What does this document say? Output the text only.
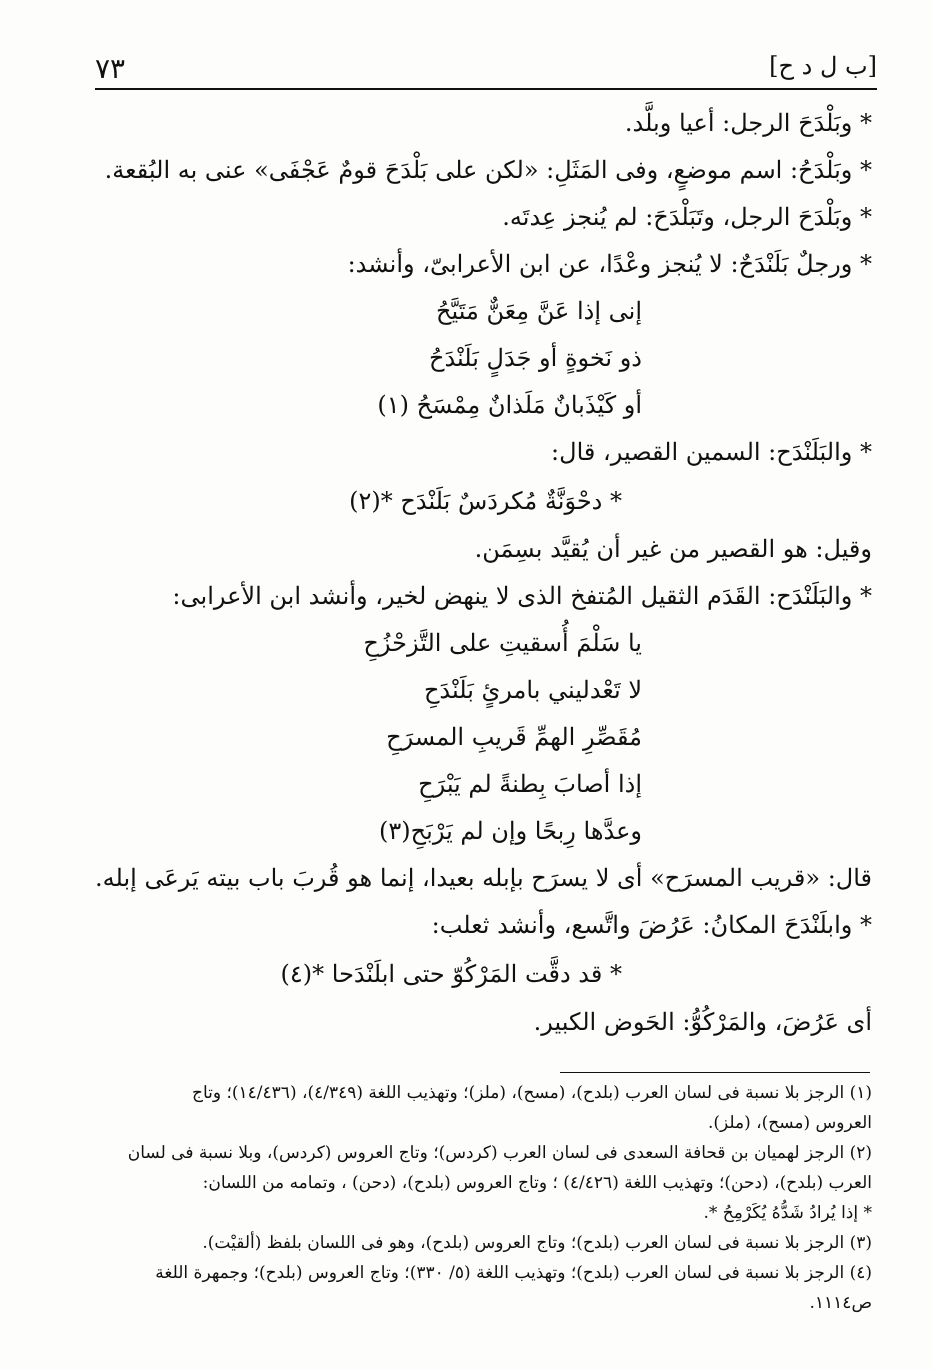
٧٣	[ب ل د ح]
* وبَلْدَحَ الرجل: أعيا وبلَّد.
* وبَلْدَحُ: اسم موضعٍ، وفى المَثَلِ: «لكن على بَلْدَحَ قومٌ عَجْفَى» عنى به البُقعة.
* وبَلْدَحَ الرجل، وتَبَلْدَحَ: لم يُنجز عِدتَه.
* ورجلٌ بَلَنْدَحٌ: لا يُنجز وعْدًا، عن ابن الأعرابىّ، وأنشد:
إنى إذا عَنَّ مِعَنٌّ مَتَيَّحُ
ذو نَخوةٍ أو جَدَلٍ بَلَنْدَحُ
أو كَيْذَبانٌ مَلَذانٌ مِمْسَحُ (١)
* والبَلَنْدَح: السمين القصير، قال:
* دحْوَنَّةٌ مُكردَسٌ بَلَنْدَح *(٢)
وقيل: هو القصير من غير أن يُقيَّد بسِمَن.
* والبَلَنْدَح: القَدَم الثقيل المُتفخ الذى لا ينهض لخير، وأنشد ابن الأعرابى:
يا سَلْمَ أُسقيتِ على التَّزحْزُحِ
لا تَعْدليني بامرئٍ بَلَنْدَحِ
مُقَصِّرِ الهمِّ قَريبِ المسرَحِ
إذا أصابَ بِطنةً لم يَبْرَحِ
وعدَّها رِبحًا وإن لم يَرْبَحِ(٣)
قال: «قريب المسرَح» أى لا يسرَح بإبله بعيدا، إنما هو قُربَ باب بيته يَرعَى إبله.
* وابلَنْدَحَ المكانُ: عَرُضَ واتَّسع، وأنشد ثعلب:
* قد دقَّت المَرْكُوّ حتى ابلَنْدَحا *(٤)
أى عَرُضَ، والمَرْكُوُّ: الحَوض الكبير.
(١) الرجز بلا نسبة فى لسان العرب (بلدح)، (مسح)، (ملز)؛ وتهذيب اللغة (٤/٣٤٩)، (١٤/٤٣٦)؛ وتاج
العروس (مسح)، (ملز).
(٢) الرجز لهميان بن قحافة السعدى فى لسان العرب (كردس)؛ وتاج العروس (كردس)، وبلا نسبة فى لسان
العرب (بلدح)، (دحن)؛ وتهذيب اللغة (٤/٤٢٦) ؛ وتاج العروس (بلدح)، (دحن) ، وتمامه من اللسان:
* إذا يُرادُ شَدُّهُ يُكَرْمِحُ *.
(٣) الرجز بلا نسبة فى لسان العرب (بلدح)؛ وتاج العروس (بلدح)، وهو فى اللسان بلفظ (ألقيْت).
(٤) الرجز بلا نسبة فى لسان العرب (بلدح)؛ وتهذيب اللغة (٥/ ٣٣٠)؛ وتاج العروس (بلدح)؛ وجمهرة اللغة
ص١١١٤.
